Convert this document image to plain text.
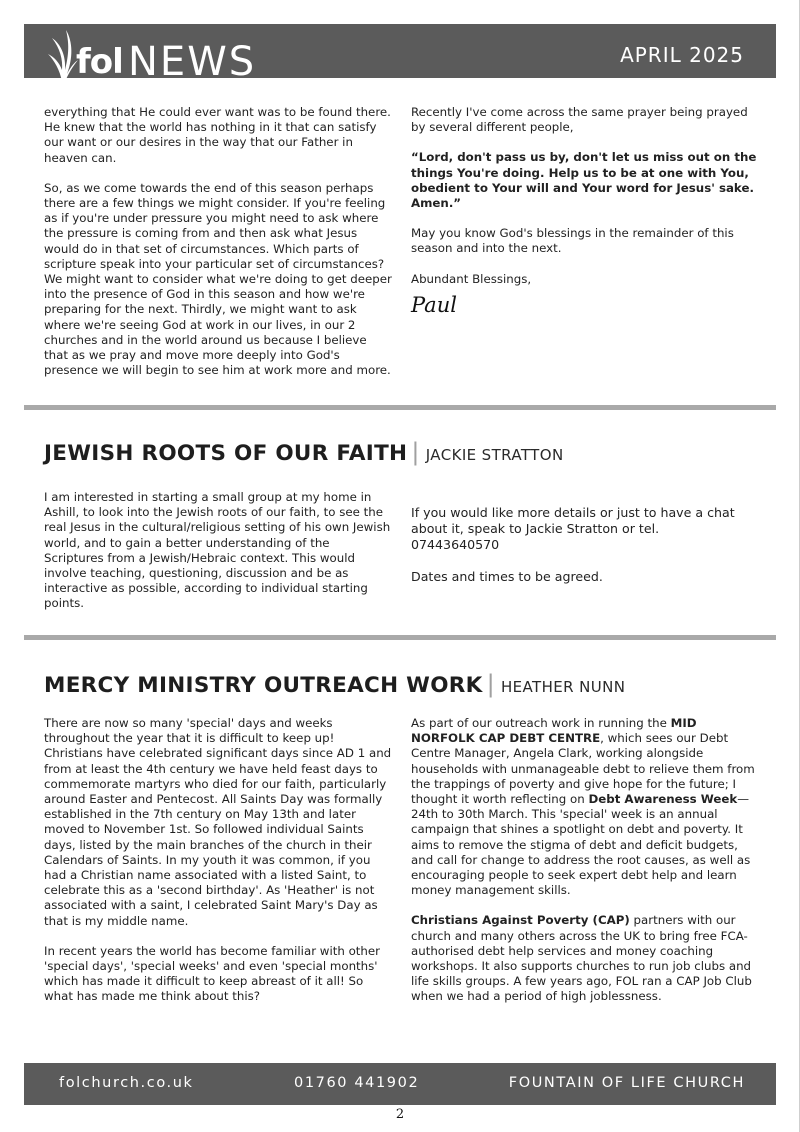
fol NEWS	APRIL 2025

everything that He could ever want was to be found there. He knew that the world has nothing in it that can satisfy our want or our desires in the way that our Father in heaven can.

So, as we come towards the end of this season perhaps there are a few things we might consider. If you're feeling as if you're under pressure you might need to ask where the pressure is coming from and then ask what Jesus would do in that set of circumstances. Which parts of scripture speak into your particular set of circumstances? We might want to consider what we're doing to get deeper into the presence of God in this season and how we're preparing for the next. Thirdly, we might want to ask where we're seeing God at work in our lives, in our 2 churches and in the world around us because I believe that as we pray and move more deeply into God's presence we will begin to see him at work more and more.

Recently I've come across the same prayer being prayed by several different people,

“Lord, don't pass us by, don't let us miss out on the things You're doing. Help us to be at one with You, obedient to Your will and Your word for Jesus' sake. Amen.”

May you know God's blessings in the remainder of this season and into the next.

Abundant Blessings,

Paul
JEWISH ROOTS OF OUR FAITH | JACKIE STRATTON

I am interested in starting a small group at my home in Ashill, to look into the Jewish roots of our faith, to see the real Jesus in the cultural/religious setting of his own Jewish world, and to gain a better understanding of the Scriptures from a Jewish/Hebraic context. This would involve teaching, questioning, discussion and be as interactive as possible, according to individual starting points.

If you would like more details or just to have a chat about it, speak to Jackie Stratton or tel. 07443640570

Dates and times to be agreed.

MERCY MINISTRY OUTREACH WORK | HEATHER NUNN

There are now so many 'special' days and weeks throughout the year that it is difficult to keep up! Christians have celebrated significant days since AD 1 and from at least the 4th century we have held feast days to commemorate martyrs who died for our faith, particularly around Easter and Pentecost. All Saints Day was formally established in the 7th century on May 13th and later moved to November 1st. So followed individual Saints days, listed by the main branches of the church in their Calendars of Saints. In my youth it was common, if you had a Christian name associated with a listed Saint, to celebrate this as a 'second birthday'. As 'Heather' is not associated with a saint, I celebrated Saint Mary's Day as that is my middle name.

In recent years the world has become familiar with other 'special days', 'special weeks' and even 'special months' which has made it difficult to keep abreast of it all! So what has made me think about this?

As part of our outreach work in running the MID NORFOLK CAP DEBT CENTRE, which sees our Debt Centre Manager, Angela Clark, working alongside households with unmanageable debt to relieve them from the trappings of poverty and give hope for the future; I thought it worth reflecting on Debt Awareness Week—24th to 30th March. This 'special' week is an annual campaign that shines a spotlight on debt and poverty. It aims to remove the stigma of debt and deficit budgets, and call for change to address the root causes, as well as encouraging people to seek expert debt help and learn money management skills.

Christians Against Poverty (CAP) partners with our church and many others across the UK to bring free FCA-authorised debt help services and money coaching workshops. It also supports churches to run job clubs and life skills groups. A few years ago, FOL ran a CAP Job Club when we had a period of high joblessness.

folchurch.co.uk	01760 441902	FOUNTAIN OF LIFE CHURCH
2
